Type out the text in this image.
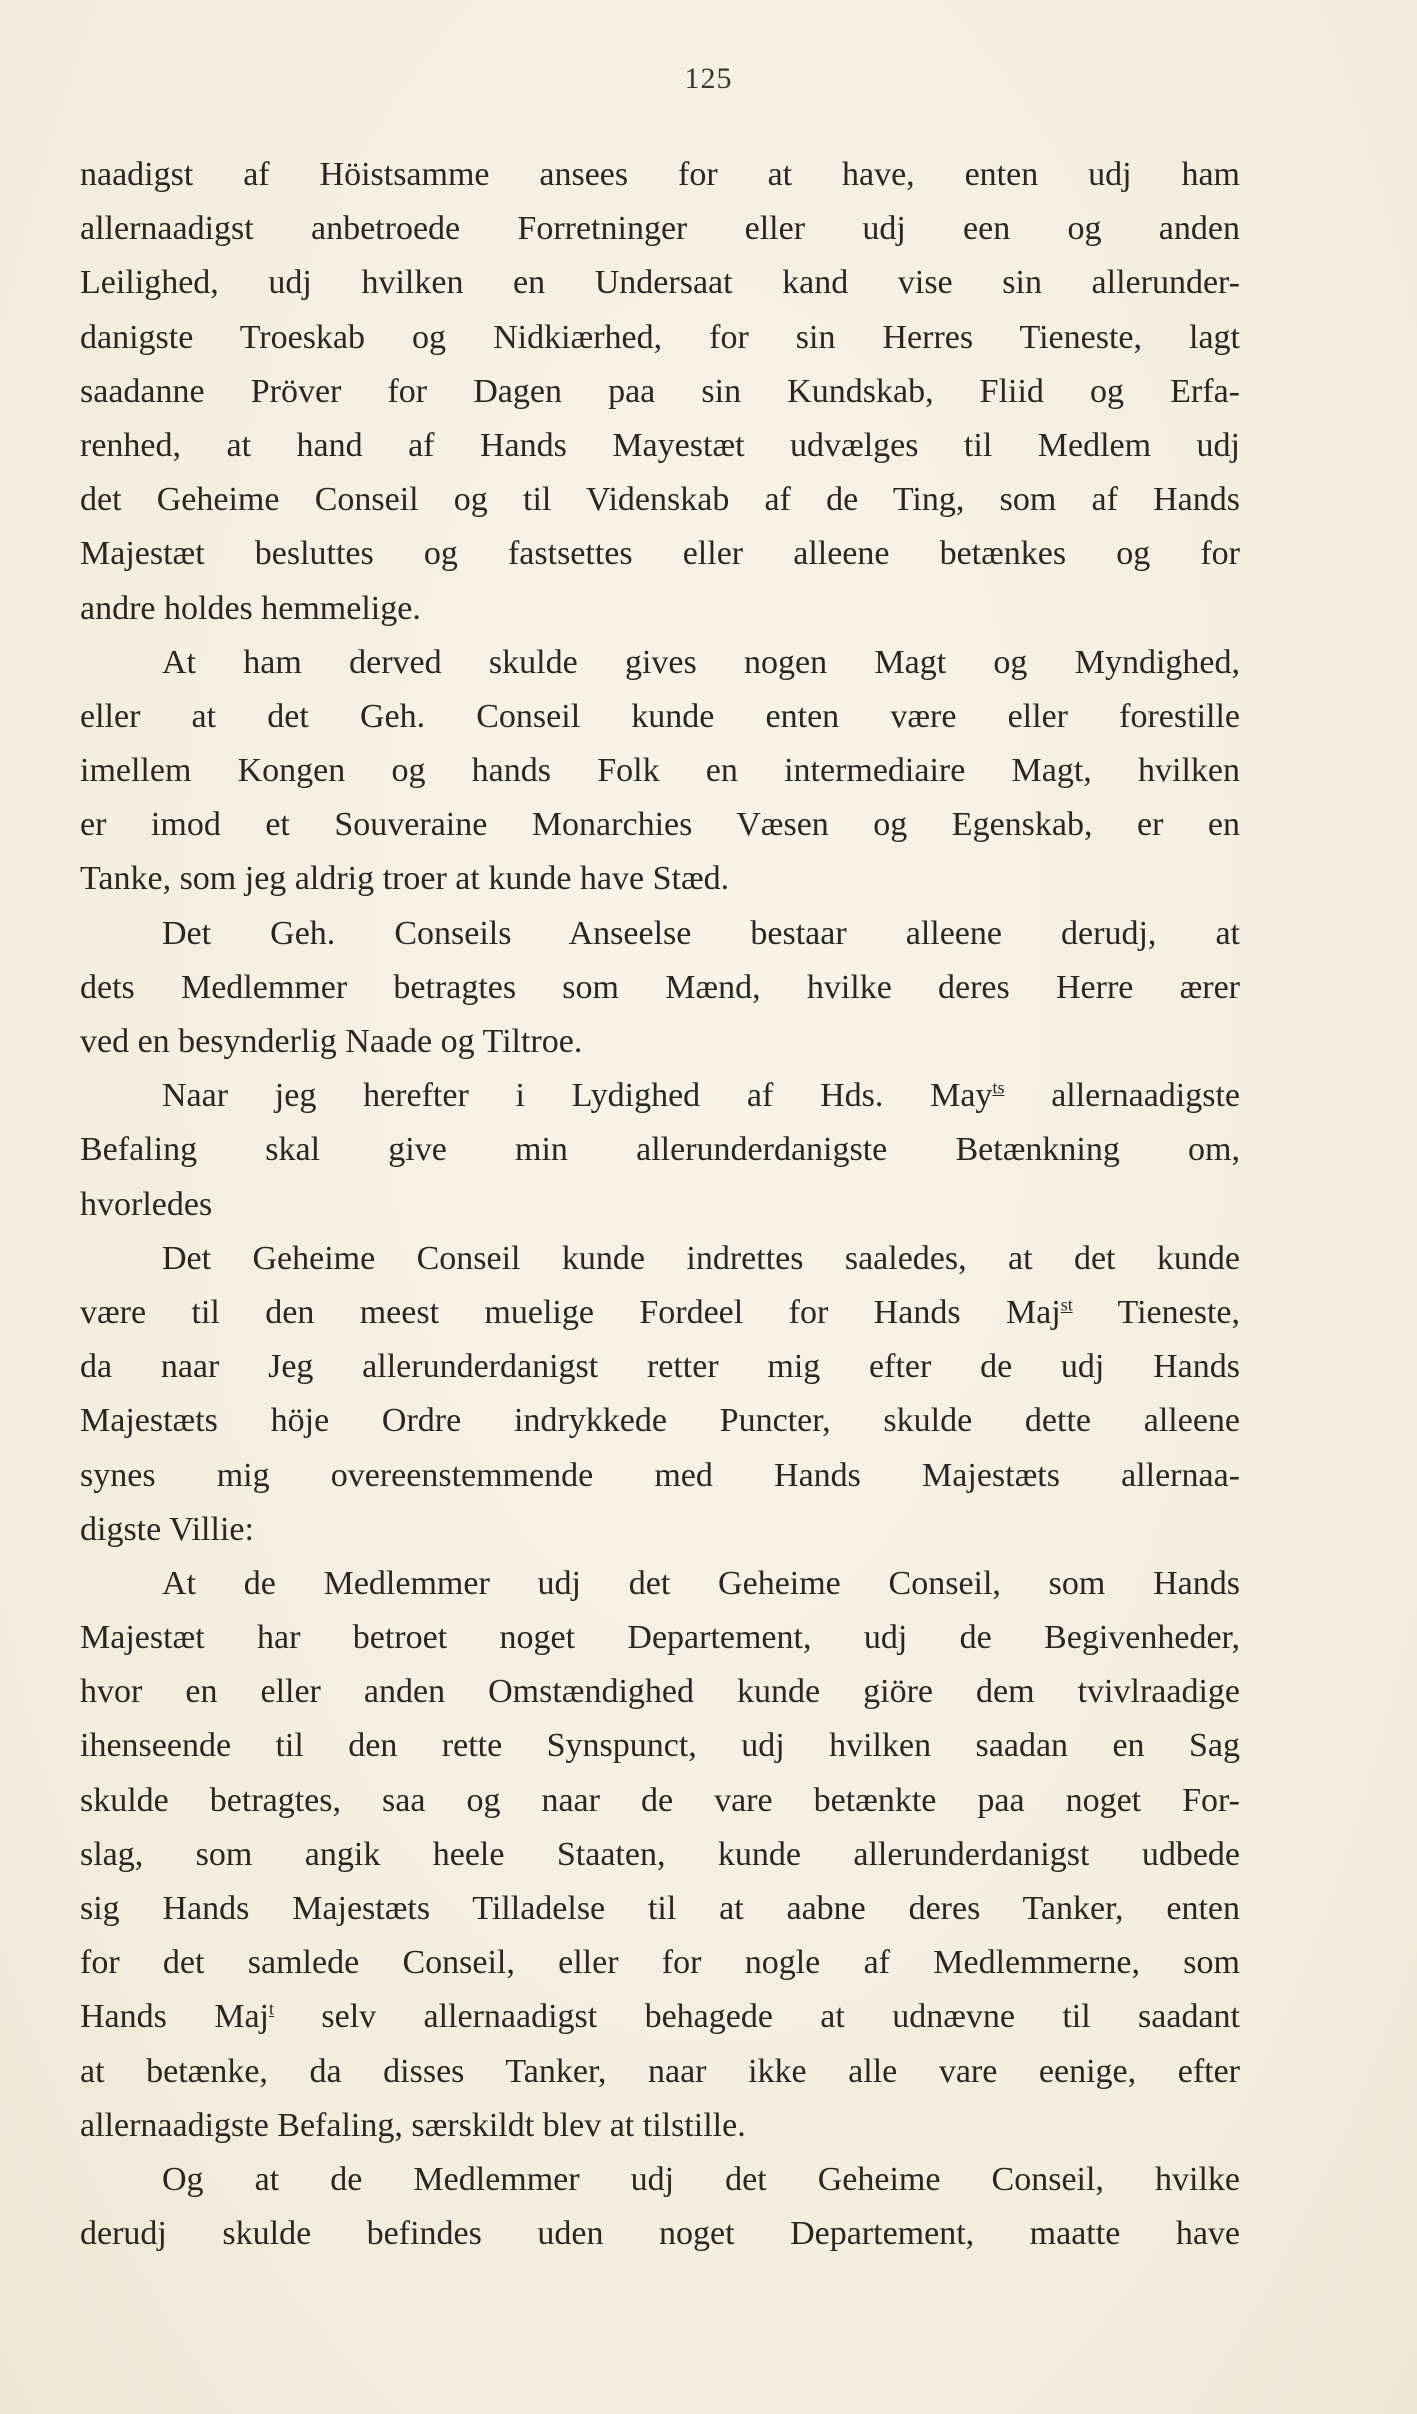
125
naadigst af Höistsamme ansees for at have, enten udj ham
allernaadigst anbetroede Forretninger eller udj een og anden
Leilighed, udj hvilken en Undersaat kand vise sin allerunder-
danigste Troeskab og Nidkiærhed, for sin Herres Tieneste, lagt
saadanne Pröver for Dagen paa sin Kundskab, Fliid og Erfa-
renhed, at hand af Hands Mayestæt udvælges til Medlem udj
det Geheime Conseil og til Videnskab af de Ting, som af Hands
Majestæt besluttes og fastsettes eller alleene betænkes og for
andre holdes hemmelige.
At ham derved skulde gives nogen Magt og Myndighed,
eller at det Geh. Conseil kunde enten være eller forestille
imellem Kongen og hands Folk en intermediaire Magt, hvilken
er imod et Souveraine Monarchies Væsen og Egenskab, er en
Tanke, som jeg aldrig troer at kunde have Stæd.
Det Geh. Conseils Anseelse bestaar alleene derudj, at
dets Medlemmer betragtes som Mænd, hvilke deres Herre ærer
ved en besynderlig Naade og Tiltroe.
Naar jeg herefter i Lydighed af Hds. May$^{ts}$ allernaadigste
Befaling skal give min allerunderdanigste Betænkning om,
hvorledes
Det Geheime Conseil kunde indrettes saaledes, at det kunde
være til den meest muelige Fordeel for Hands Maj$^{st}$ Tieneste,
da naar Jeg allerunderdanigst retter mig efter de udj Hands
Majestæts höje Ordre indrykkede Puncter, skulde dette alleene
synes mig overeenstemmende med Hands Majestæts allernaa-
digste Villie:
At de Medlemmer udj det Geheime Conseil, som Hands
Majestæt har betroet noget Departement, udj de Begivenheder,
hvor en eller anden Omstændighed kunde giöre dem tvivlraadige
ihenseende til den rette Synspunct, udj hvilken saadan en Sag
skulde betragtes, saa og naar de vare betænkte paa noget For-
slag, som angik heele Staaten, kunde allerunderdanigst udbede
sig Hands Majestæts Tilladelse til at aabne deres Tanker, enten
for det samlede Conseil, eller for nogle af Medlemmerne, som
Hands Maj$^t$ selv allernaadigst behagede at udnævne til saadant
at betænke, da disses Tanker, naar ikke alle vare eenige, efter
allernaadigste Befaling, særskildt blev at tilstille.
Og at de Medlemmer udj det Geheime Conseil, hvilke
derudj skulde befindes uden noget Departement, maatte have
